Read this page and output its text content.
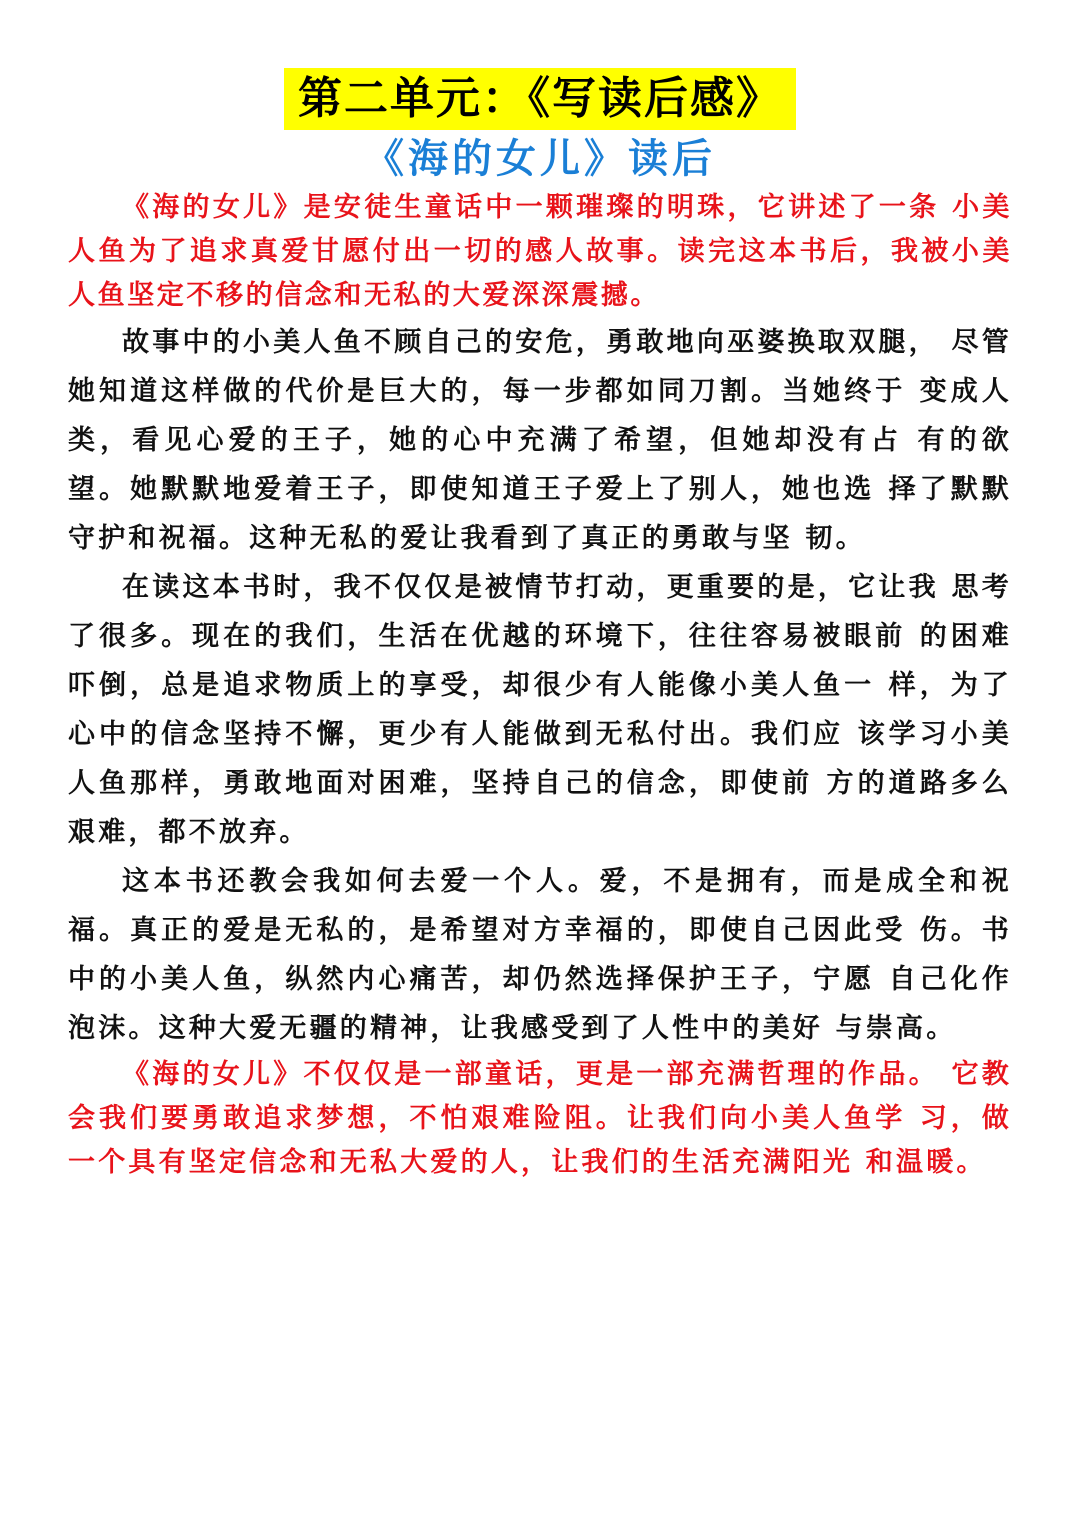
第二单元：《写读后感》
《海的女儿》读后

《海的女儿》是安徒生童话中一颗璀璨的明珠，它讲述了一条 小美人鱼为了追求真爱甘愿付出一切的感人故事。读完这本书后，我被小美人鱼坚定不移的信念和无私的大爱深深震撼。

故事中的小美人鱼不顾自己的安危，勇敢地向巫婆换取双腿， 尽管她知道这样做的代价是巨大的，每一步都如同刀割。当她终于 变成人类，看见心爱的王子，她的心中充满了希望，但她却没有占 有的欲望。她默默地爱着王子，即使知道王子爱上了别人，她也选 择了默默守护和祝福。这种无私的爱让我看到了真正的勇敢与坚 韧。

在读这本书时，我不仅仅是被情节打动，更重要的是，它让我 思考了很多。现在的我们，生活在优越的环境下，往往容易被眼前 的困难吓倒，总是追求物质上的享受，却很少有人能像小美人鱼一 样，为了心中的信念坚持不懈，更少有人能做到无私付出。我们应 该学习小美人鱼那样，勇敢地面对困难，坚持自己的信念，即使前 方的道路多么艰难，都不放弃。

这本书还教会我如何去爱一个人。爱，不是拥有，而是成全和祝福。真正的爱是无私的，是希望对方幸福的，即使自己因此受 伤。书中的小美人鱼，纵然内心痛苦，却仍然选择保护王子，宁愿 自己化作泡沫。这种大爱无疆的精神，让我感受到了人性中的美好 与崇高。

《海的女儿》不仅仅是一部童话，更是一部充满哲理的作品。 它教会我们要勇敢追求梦想，不怕艰难险阻。让我们向小美人鱼学 习，做一个具有坚定信念和无私大爱的人，让我们的生活充满阳光 和温暖。
